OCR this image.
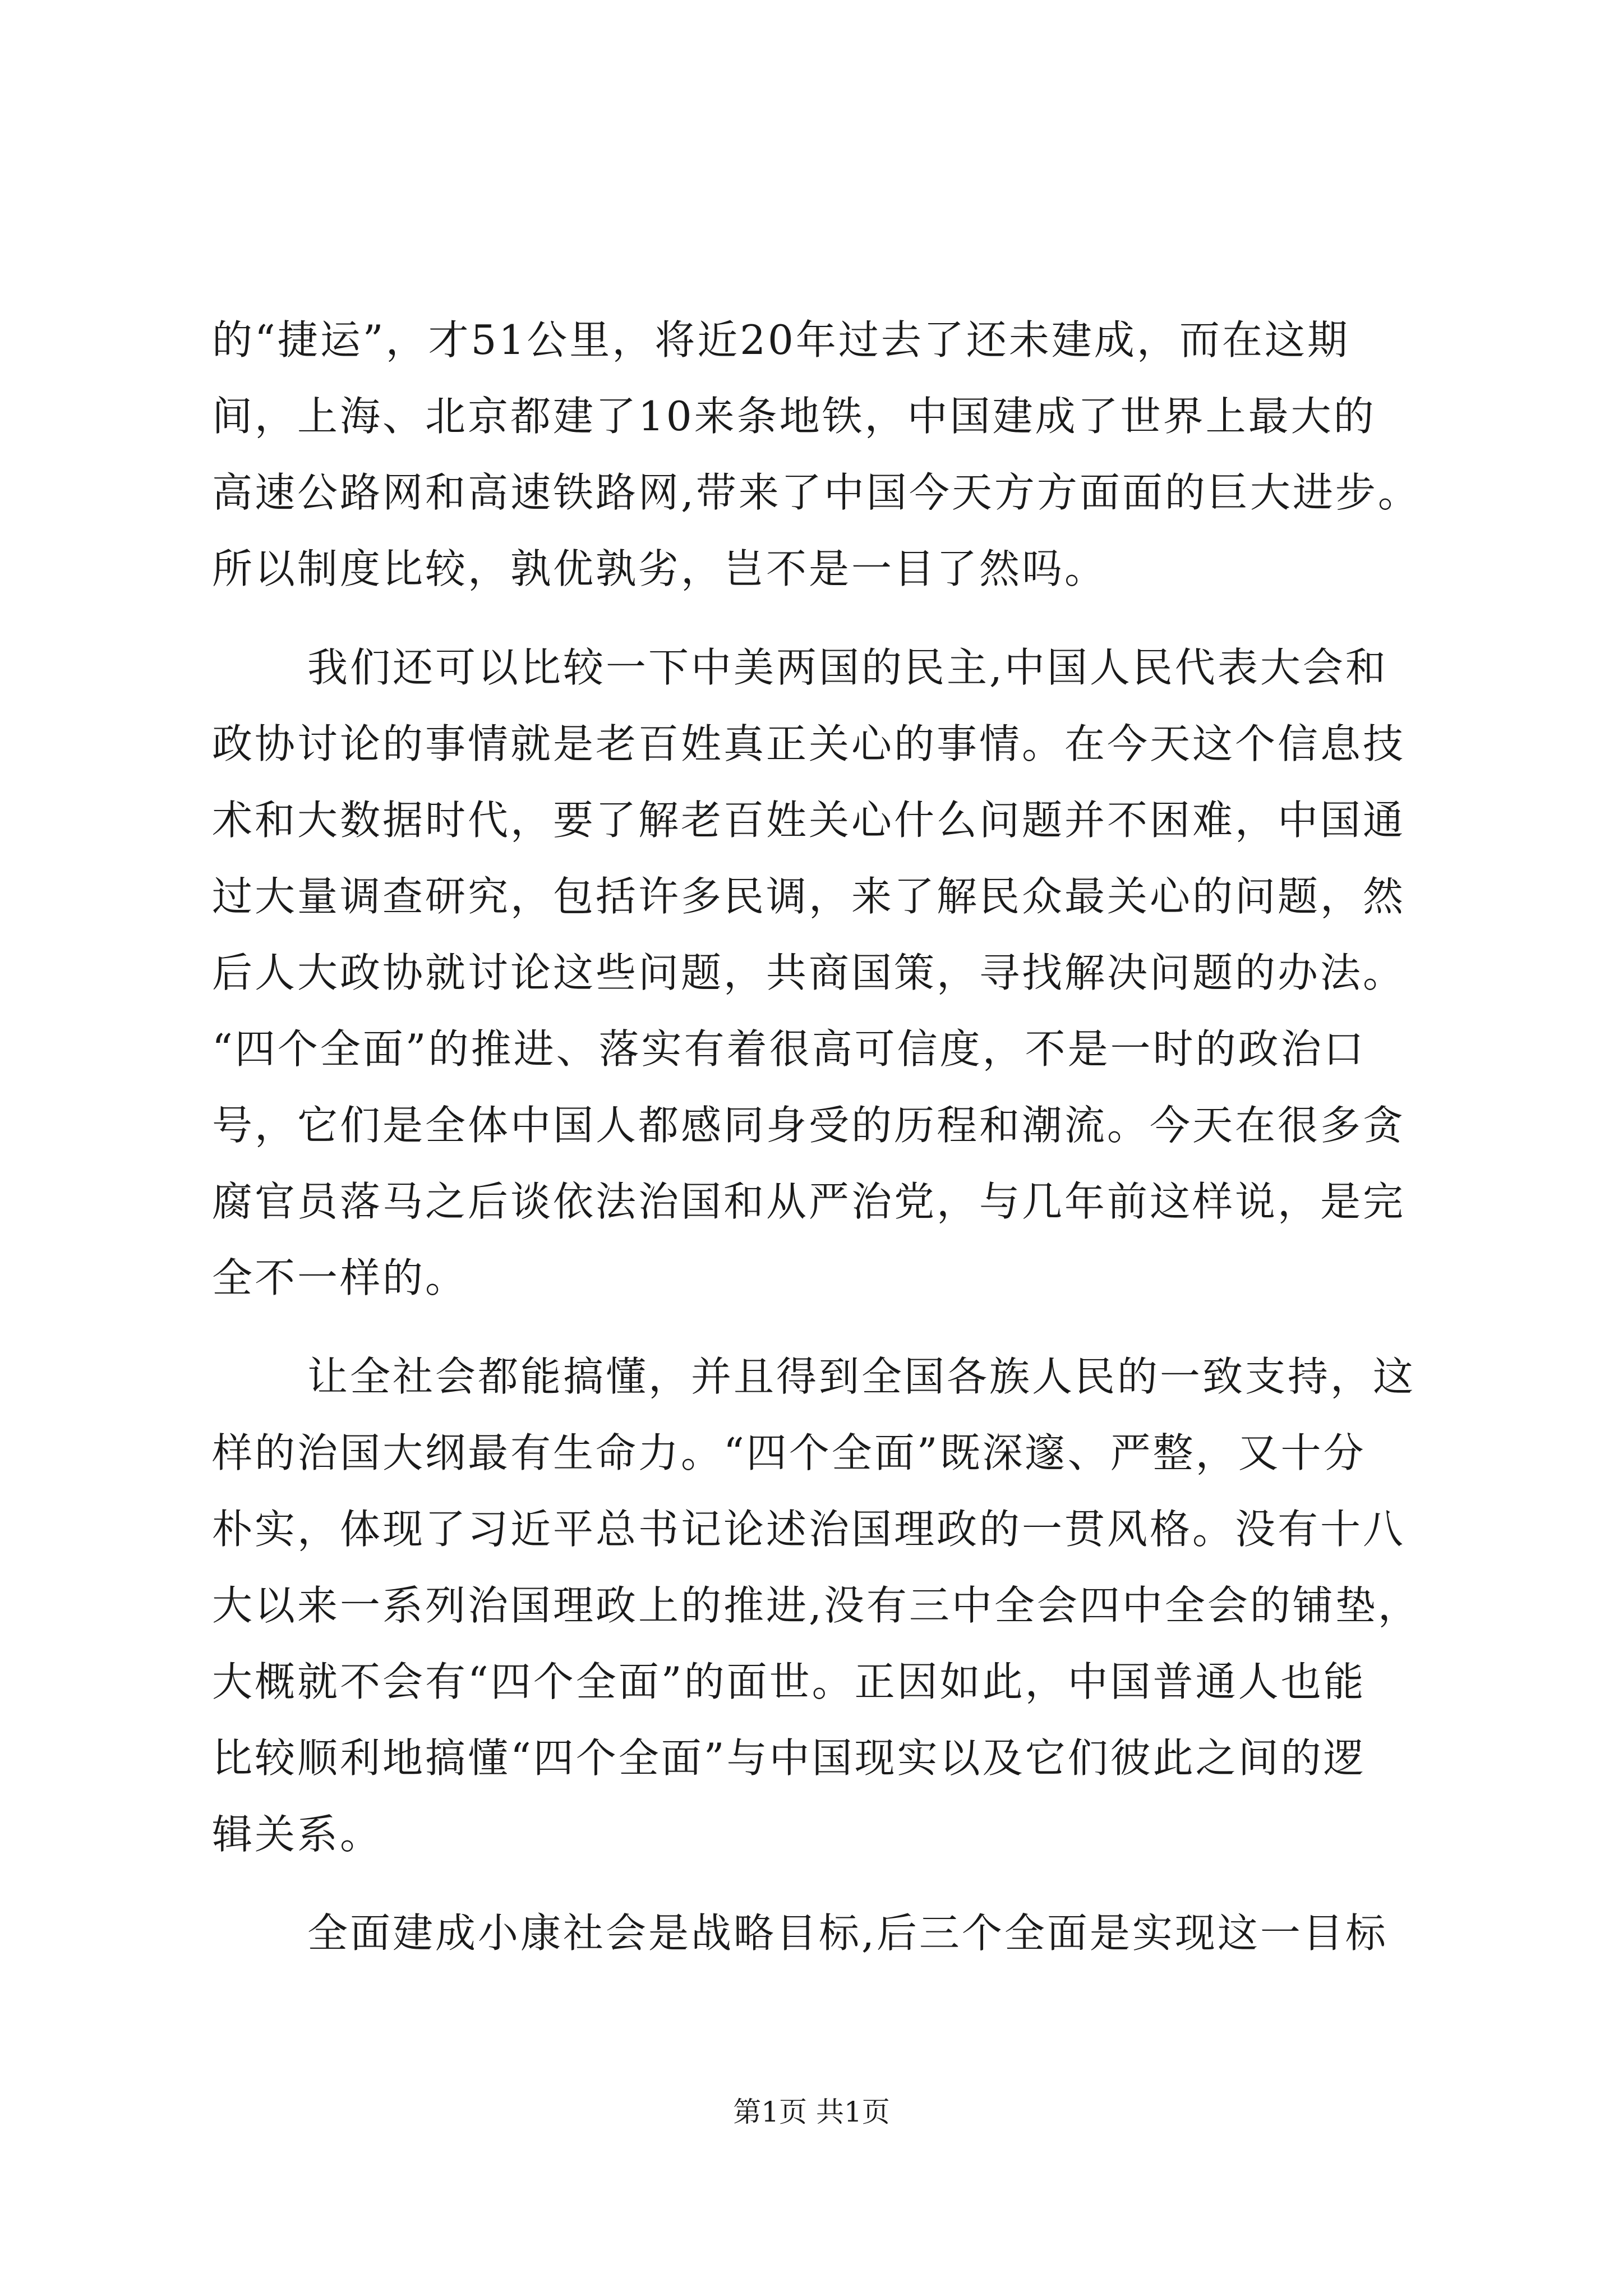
的“捷运”，才51公里，将近20年过去了还未建成，而在这期
间，上海、北京都建了10来条地铁，中国建成了世界上最大的
高速公路网和高速铁路网,带来了中国今天方方面面的巨大进步。
所以制度比较，孰优孰劣，岂不是一目了然吗。
我们还可以比较一下中美两国的民主,中国人民代表大会和
政协讨论的事情就是老百姓真正关心的事情。在今天这个信息技
术和大数据时代，要了解老百姓关心什么问题并不困难，中国通
过大量调查研究，包括许多民调，来了解民众最关心的问题，然
后人大政协就讨论这些问题，共商国策，寻找解决问题的办法。
“四个全面”的推进、落实有着很高可信度，不是一时的政治口
号，它们是全体中国人都感同身受的历程和潮流。今天在很多贪
腐官员落马之后谈依法治国和从严治党，与几年前这样说，是完
全不一样的。
让全社会都能搞懂，并且得到全国各族人民的一致支持，这
样的治国大纲最有生命力。“四个全面”既深邃、严整，又十分
朴实，体现了习近平总书记论述治国理政的一贯风格。没有十八
大以来一系列治国理政上的推进,没有三中全会四中全会的铺垫，
大概就不会有“四个全面”的面世。正因如此，中国普通人也能
比较顺利地搞懂“四个全面”与中国现实以及它们彼此之间的逻
辑关系。
全面建成小康社会是战略目标,后三个全面是实现这一目标
第1页 共1页
